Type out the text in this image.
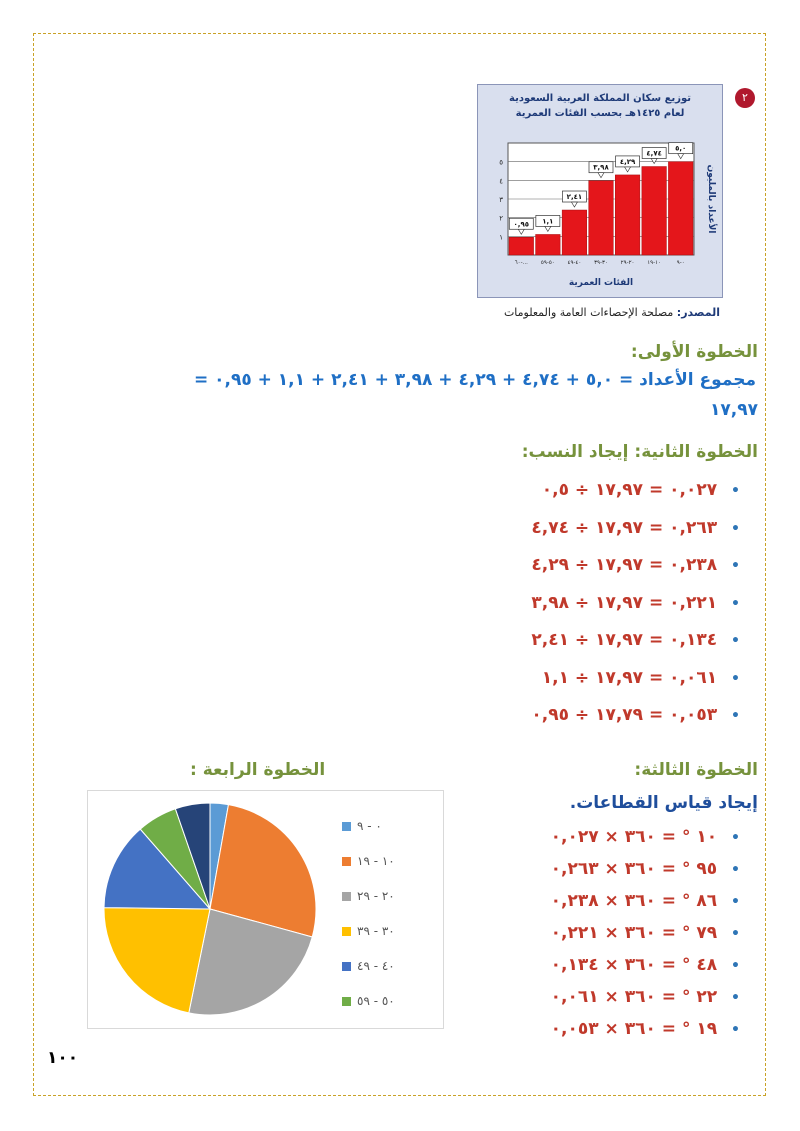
٢
توزيع سكان المملكة العربية السعودية
لعام ١٤٢٥هـ بحسب الفئات العمرية
١
٢
٣
٤
٥
٥,٠
٠-٩
٤,٧٤
١٠-١٩
٤,٢٩
٢٠-٢٩
٣,٩٨
٣٠-٣٩
٢,٤١
٤٠-٤٩
١,١
٥٠-٥٩
٠,٩٥
٦٠-...
الأعداد بالمليون
الفئات العمرية
المصدر: مصلحة الإحصاءات العامة والمعلومات
الخطوة الأولى:
مجموع الأعداد = ٥,٠ + ٤,٧٤ + ٤,٢٩ + ٣,٩٨ + ٢,٤١ + ١,١ + ٠,٩٥ =
١٧,٩٧
الخطوة الثانية: إيجاد النسب:
٠,٠٢٧ = ١٧,٩٧ ÷ ٠,٥ •
٠,٢٦٣ = ١٧,٩٧ ÷ ٤,٧٤ •
٠,٢٣٨ = ١٧,٩٧ ÷ ٤,٢٩ •
٠,٢٢١ = ١٧,٩٧ ÷ ٣,٩٨ •
٠,١٣٤ = ١٧,٩٧ ÷ ٢,٤١ •
٠,٠٦١ = ١٧,٩٧ ÷ ١,١ •
٠,٠٥٣ = ١٧,٧٩ ÷ ٠,٩٥ •
الخطوة الثالثة:
إيجاد قياس القطاعات.
١٠ ° = ٣٦٠ × ٠,٠٢٧ •
٩٥ ° = ٣٦٠ × ٠,٢٦٣ •
٨٦ ° = ٣٦٠ × ٠,٢٣٨ •
٧٩ ° = ٣٦٠ × ٠,٢٢١ •
٤٨ ° = ٣٦٠ × ٠,١٣٤ •
٢٢ ° = ٣٦٠ × ٠,٠٦١ •
١٩ ° = ٣٦٠ × ٠,٠٥٣ •
الخطوة الرابعة :
٠ - ٩
١٠ - ١٩
٢٠ - ٢٩
٣٠ - ٣٩
٤٠ - ٤٩
٥٠ - ٥٩
١٠٠
